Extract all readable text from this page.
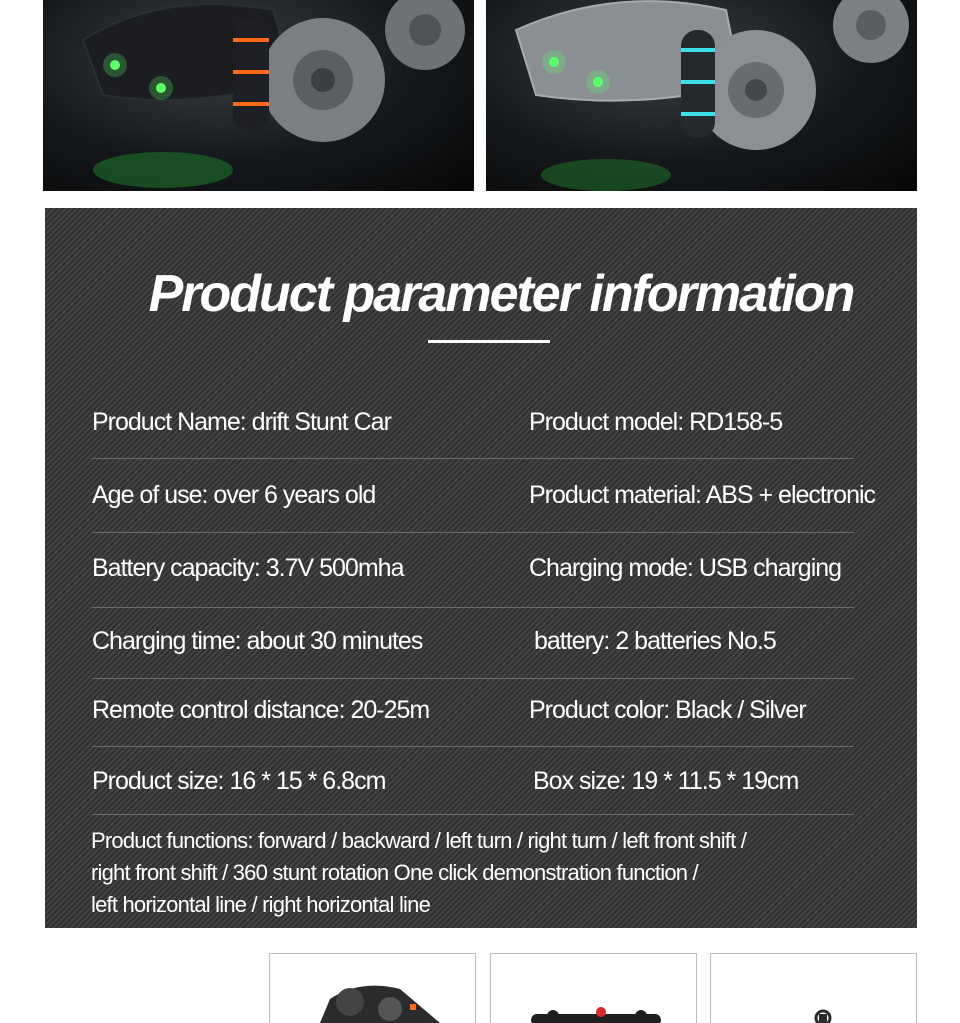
Product parameter information
Product Name: drift Stunt Car	Product model: RD158-5
Age of use: over 6 years old	Product material: ABS + electronic
Battery capacity: 3.7V 500mha	Charging mode: USB charging
Charging time: about 30 minutes	battery: 2 batteries No.5
Remote control distance: 20-25m	Product color: Black / Silver
Product size: 16 * 15 * 6.8cm	Box size: 19 * 11.5 * 19cm
Product functions: forward / backward / left turn / right turn / left front shift /
right front shift / 360 stunt rotation One click demonstration function /
left horizontal line / right horizontal line
